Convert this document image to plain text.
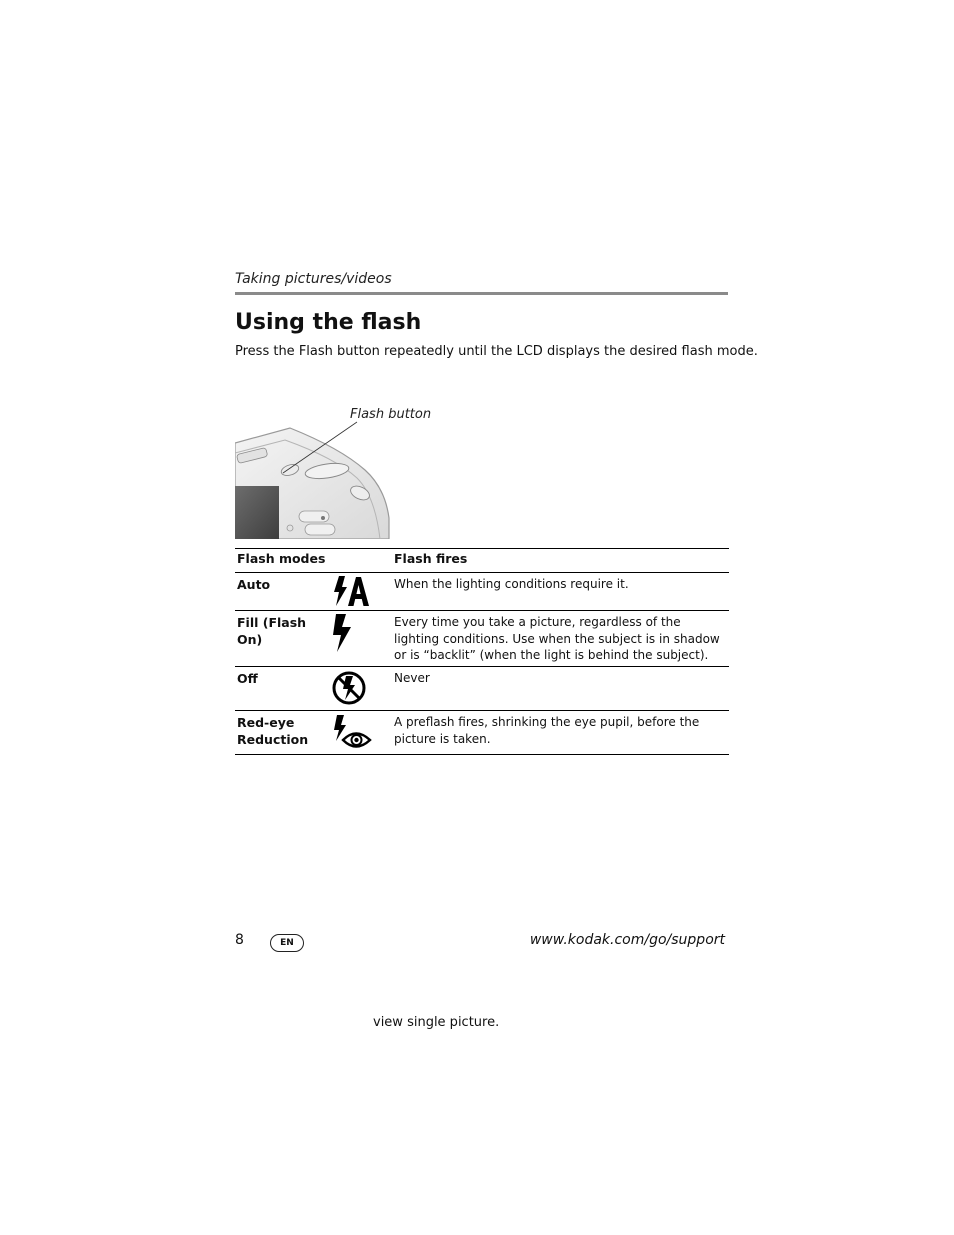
Taking pictures/videos
Using the flash

Press the Flash button repeatedly until the LCD displays the desired flash mode.

Flash button
Flash modes		Flash fires
Auto		When the lighting conditions require it.
Fill (Flash On)		Every time you take a picture, regardless of the lighting conditions. Use when the subject is in shadow or is “backlit” (when the light is behind the subject).
Off		Never
Red-eye Reduction		A preflash fires, shrinking the eye pupil, before the picture is taken.
8	EN	www.kodak.com/go/support
view single picture.
